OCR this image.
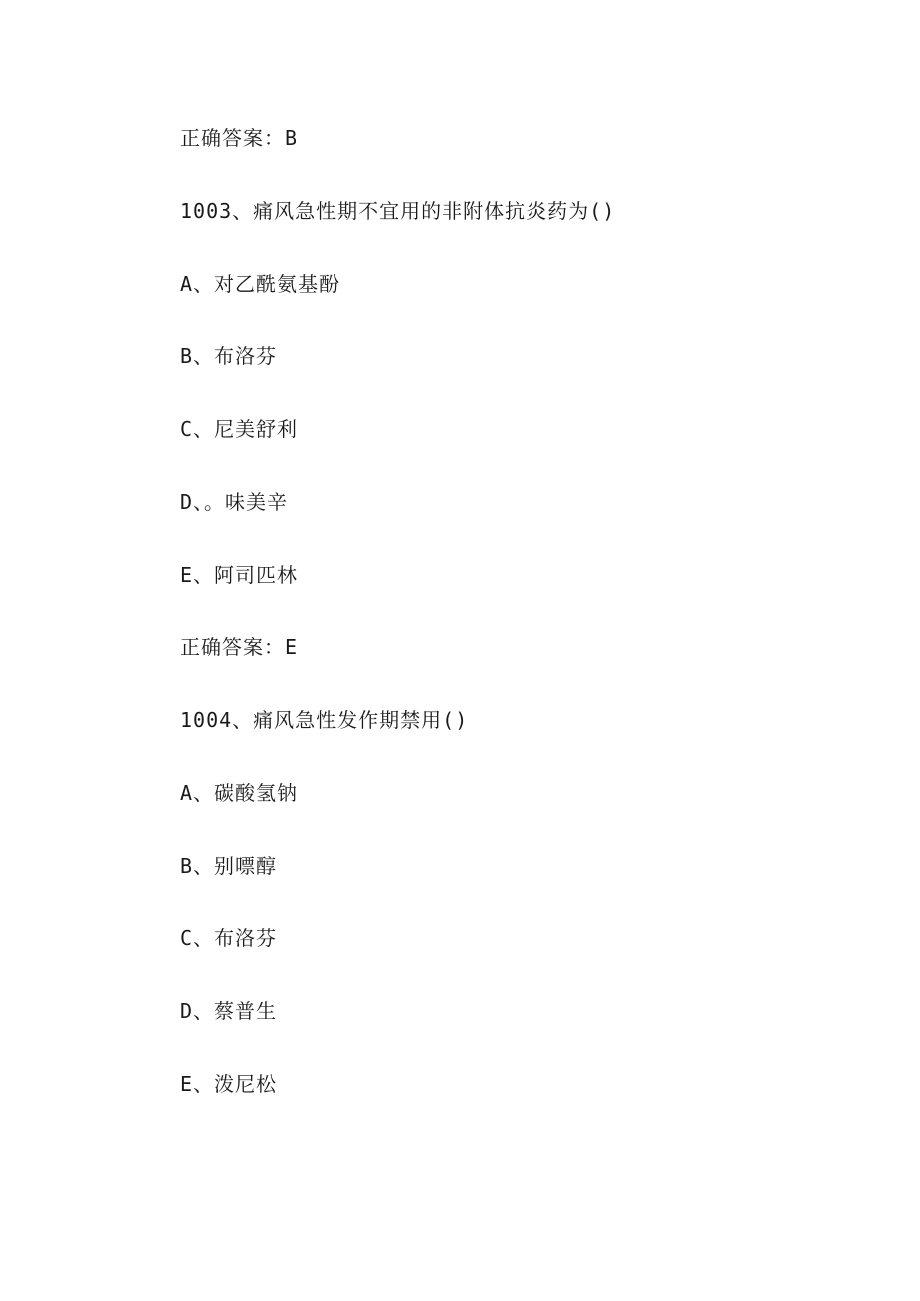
正确答案：B
1003、痛风急性期不宜用的非附体抗炎药为()
A、对乙酰氨基酚
B、布洛芬
C、尼美舒利
D、。味美辛
E、阿司匹林
正确答案：E
1004、痛风急性发作期禁用()
A、碳酸氢钠
B、别嘌醇
C、布洛芬
D、蔡普生
E、泼尼松
